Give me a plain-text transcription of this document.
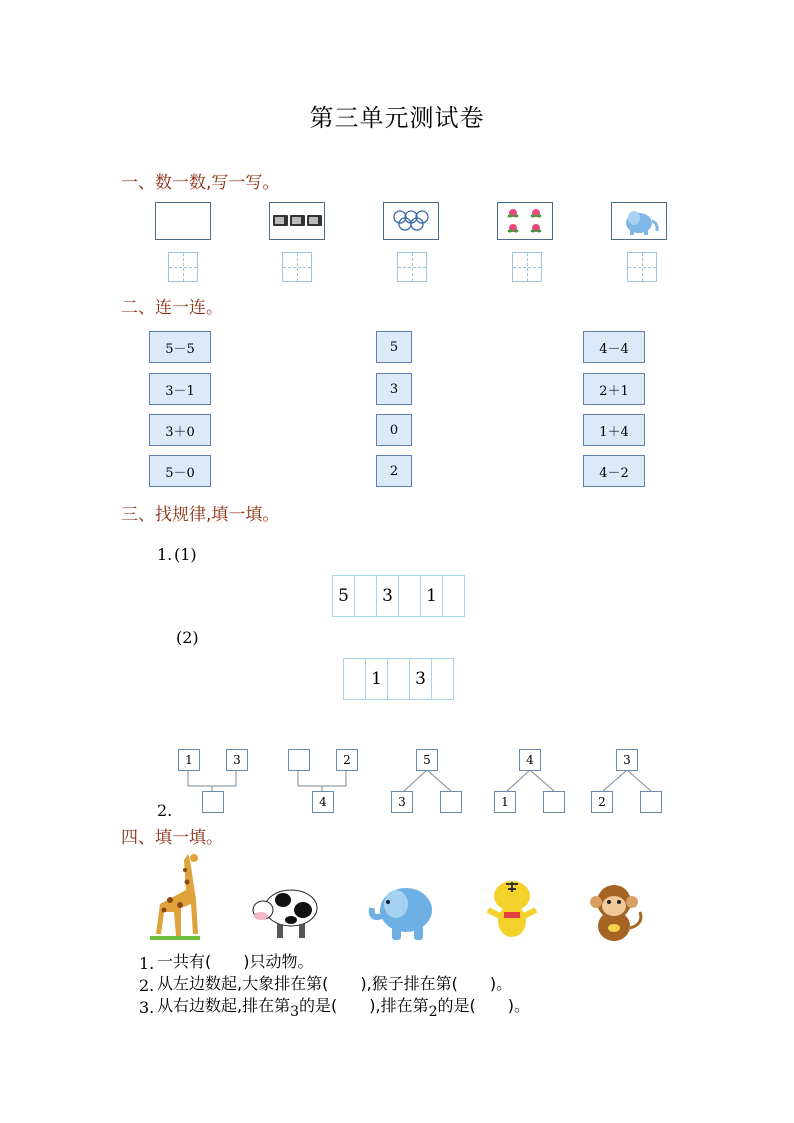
第三单元测试卷
一、数一数,写一写。
二、连一连。
5－5
3－1
3＋0
5－0
5
3
0
2
4－4
2＋1
1＋4
4－2
三、找规律,填一填。
1. (1)
5	3	1
(2)
1	3
1	3	2
4
5
3
4
1
3
2
2.
四、填一填。
1. 一共有(　　)只动物。
2. 从左边数起,大象排在第(　　),猴子排在第(　　)。
3. 从右边数起,排在第3的是(　　),排在第2的是(　　)。
